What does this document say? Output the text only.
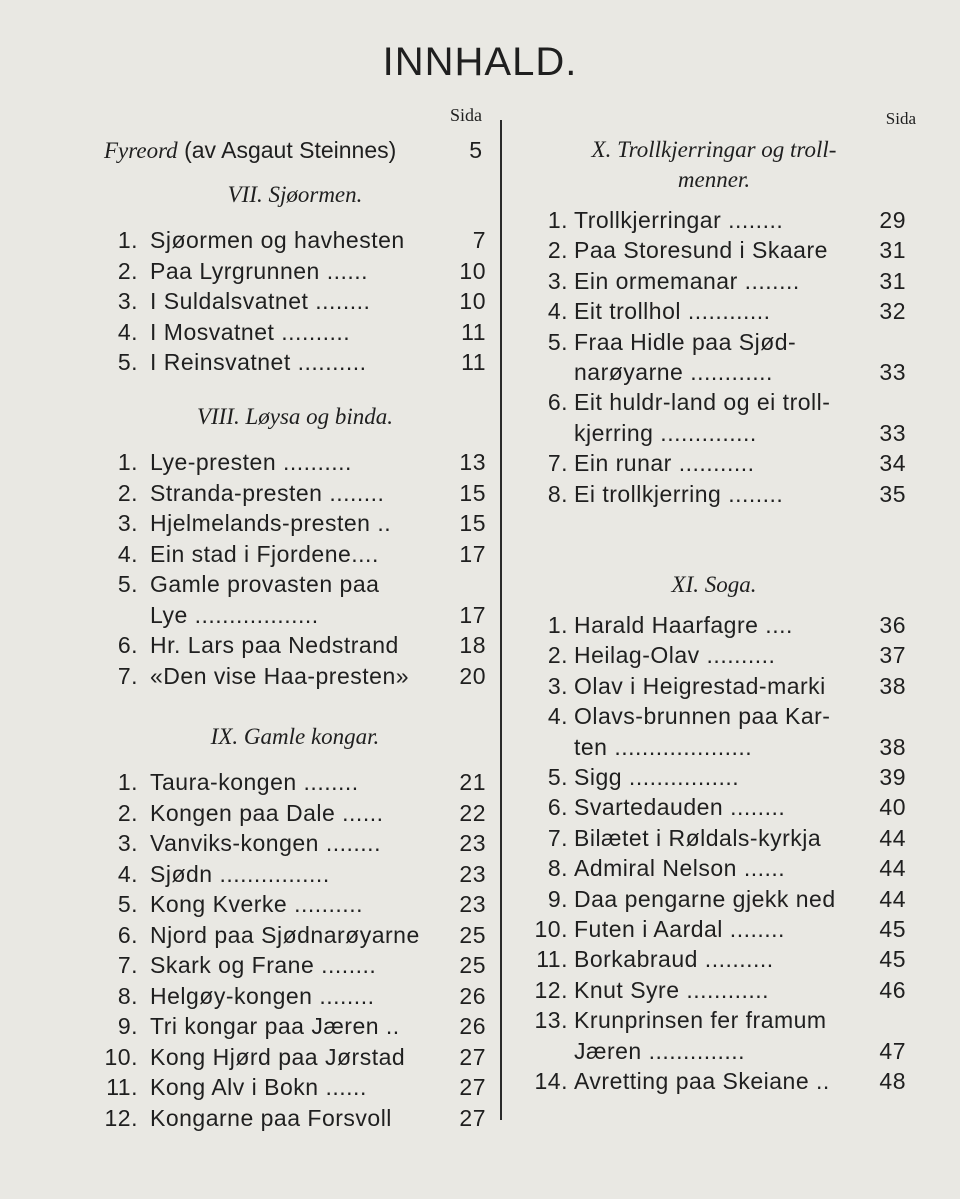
INNHALD.
Sida
Fyreord (av Asgaut Steinnes)	5
VII. Sjøormen.
1. Sjøormen og havhesten	7
2. Paa Lyrgrunnen ......	10
3. I Suldalsvatnet ........	10
4. I Mosvatnet ..........	11
5. I Reinsvatnet ..........	11
VIII. Løysa og binda.
1. Lye-presten ..........	13
2. Stranda-presten ........	15
3. Hjelmelands-presten ..	15
4. Ein stad i Fjordene....	17
5. Gamle provasten paa
Lye ..................	17
6. Hr. Lars paa Nedstrand	18
7. «Den vise Haa-presten»	20
IX. Gamle kongar.
1. Taura-kongen ........	21
2. Kongen paa Dale ......	22
3. Vanviks-kongen ........	23
4. Sjødn ................	23
5. Kong Kverke ..........	23
6. Njord paa Sjødnarøyarne	25
7. Skark og Frane ........	25
8. Helgøy-kongen ........	26
9. Tri kongar paa Jæren ..	26
10. Kong Hjørd paa Jørstad	27
11. Kong Alv i Bokn ......	27
12. Kongarne paa Forsvoll	27
Sida
X. Trollkjerringar og troll-
menner.
1. Trollkjerringar ........	29
2. Paa Storesund i Skaare	31
3. Ein ormemanar ........	31
4. Eit trollhol ............	32
5. Fraa Hidle paa Sjød-
narøyarne ............	33
6. Eit huldr-land og ei troll-
kjerring ..............	33
7. Ein runar ...........	34
8. Ei trollkjerring ........	35
XI. Soga.
1. Harald Haarfagre ....	36
2. Heilag-Olav ..........	37
3. Olav i Heigrestad-marki	38
4. Olavs-brunnen paa Kar-
ten ....................	38
5. Sigg ................	39
6. Svartedauden ........	40
7. Bilætet i Røldals-kyrkja	44
8. Admiral Nelson ......	44
9. Daa pengarne gjekk ned	44
10. Futen i Aardal ........	45
11. Borkabraud ..........	45
12. Knut Syre ............	46
13. Krunprinsen fer framum
Jæren ..............	47
14. Avretting paa Skeiane ..	48
